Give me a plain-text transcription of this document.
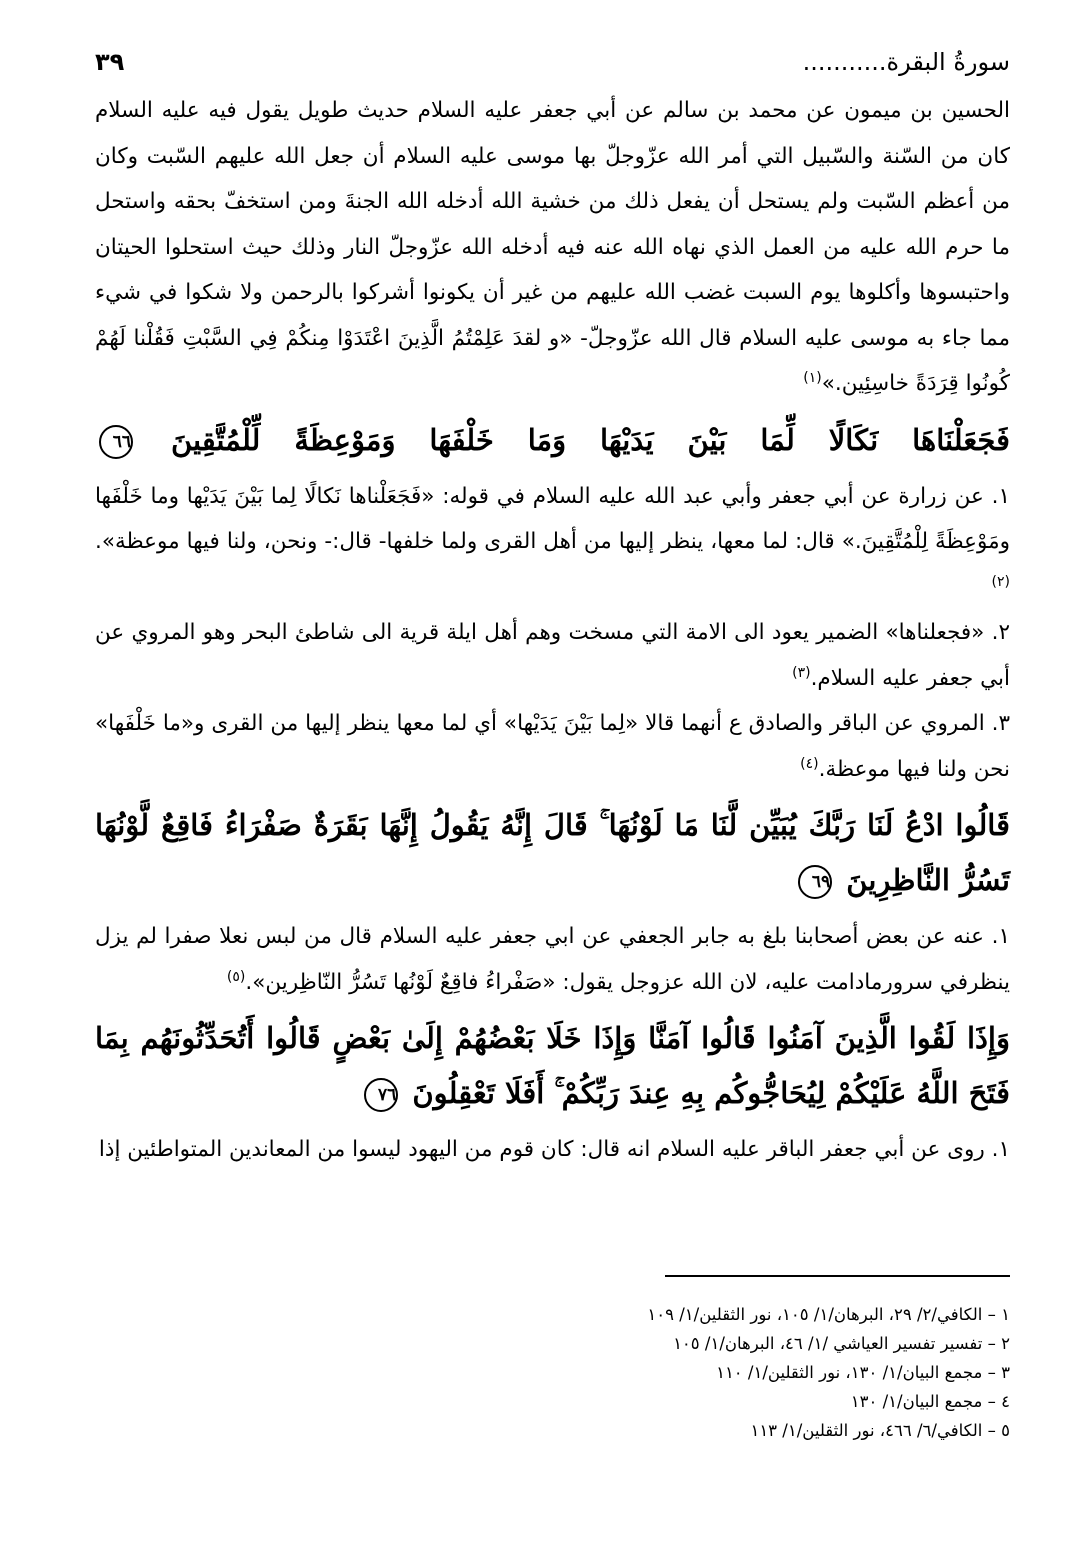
سورةُ البقرة...........
٣٩

الحسين بن ميمون عن محمد بن سالم عن أبي جعفر عليه السلام حديث طويل يقول فيه عليه السلام كان من السّنة والسّبيل التي أمر الله عزّوجلّ بها موسى عليه السلام أن جعل الله عليهم السّبت وكان من أعظم السّبت ولم يستحل أن يفعل ذلك من خشية الله أدخله الله الجنةَ ومن استخفّ بحقه واستحل ما حرم الله عليه من العمل الذي نهاه الله عنه فيه أدخله الله عزّوجلّ النار وذلك حيث استحلوا الحيتان واحتبسوها وأكلوها يوم السبت غضب الله عليهم من غير أن يكونوا أشركوا بالرحمن ولا شكوا في شيء مما جاء به موسى عليه السلام قال الله عزّوجلّ- «و لقدَ عَلِمْتُمُ الَّذِينَ اعْتَدَوْا مِنكُمْ فِي السَّبْتِ فَقُلْنا لَهُمْ كُونُوا قِرَدَةً خاسِئِين.»$^{(١)}$

فَجَعَلْنَاهَا نَكَالًا لِّمَا بَيْنَ يَدَيْهَا وَمَا خَلْفَهَا وَمَوْعِظَةً لِّلْمُتَّقِينَ ٦٦

١. عن زرارة عن أبي جعفر وأبي عبد الله عليه السلام في قوله: «فَجَعَلْناها نَكالًا لِما بَيْنَ يَدَيْها وما خَلْفَها ومَوْعِظَةً لِلْمُتَّقِينَ.» قال: لما معها، ينظر إليها من أهل القرى ولما خلفها- قال:- ونحن، ولنا فيها موعظة».$^{(٢)}$

٢. «فجعلناها» الضمير يعود الى الامة التي مسخت وهم أهل ايلة قرية الى شاطئ البحر وهو المروي عن أبي جعفر عليه السلام.$^{(٣)}$

٣. المروي عن الباقر والصادق ع أنهما قالا «لِما بَيْنَ يَدَيْها» أي لما معها ينظر إليها من القرى و«ما خَلْفَها» نحن ولنا فيها موعظة.$^{(٤)}$

قَالُوا ادْعُ لَنَا رَبَّكَ يُبَيِّن لَّنَا مَا لَوْنُهَا ۚ قَالَ إِنَّهُ يَقُولُ إِنَّهَا بَقَرَةٌ صَفْرَاءُ فَاقِعٌ لَّوْنُهَا تَسُرُّ النَّاظِرِينَ ٦٩

١. عنه عن بعض أصحابنا بلغ به جابر الجعفي عن ابي جعفر عليه السلام قال من لبس نعلا صفرا لم يزل ينظرفي سرورمادامت عليه، لان الله عزوجل يقول: «صَفْراءُ فاقِعٌ لَوْنُها تَسُرُّ النّاظِرين».$^{(٥)}$

وَإِذَا لَقُوا الَّذِينَ آمَنُوا قَالُوا آمَنَّا وَإِذَا خَلَا بَعْضُهُمْ إِلَىٰ بَعْضٍ قَالُوا أَتُحَدِّثُونَهُم بِمَا فَتَحَ اللَّهُ عَلَيْكُمْ لِيُحَاجُّوكُم بِهِ عِندَ رَبِّكُمْ ۚ أَفَلَا تَعْقِلُونَ ٧٦

١. روى عن أبي جعفر الباقر عليه السلام انه قال: كان قوم من اليهود ليسوا من المعاندين المتواطئين إذا

١ – الكافي/٢/ ٢٩، البرهان/١/ ١٠٥، نور الثقلين/١/ ١٠٩
٢ – تفسير تفسير العياشي /١/ ٤٦، البرهان/١/ ١٠٥
٣ – مجمع البيان/١/ ١٣٠، نور الثقلين/١/ ١١٠
٤ – مجمع البيان/١/ ١٣٠
٥ – الكافي/٦/ ٤٦٦، نور الثقلين/١/ ١١٣
